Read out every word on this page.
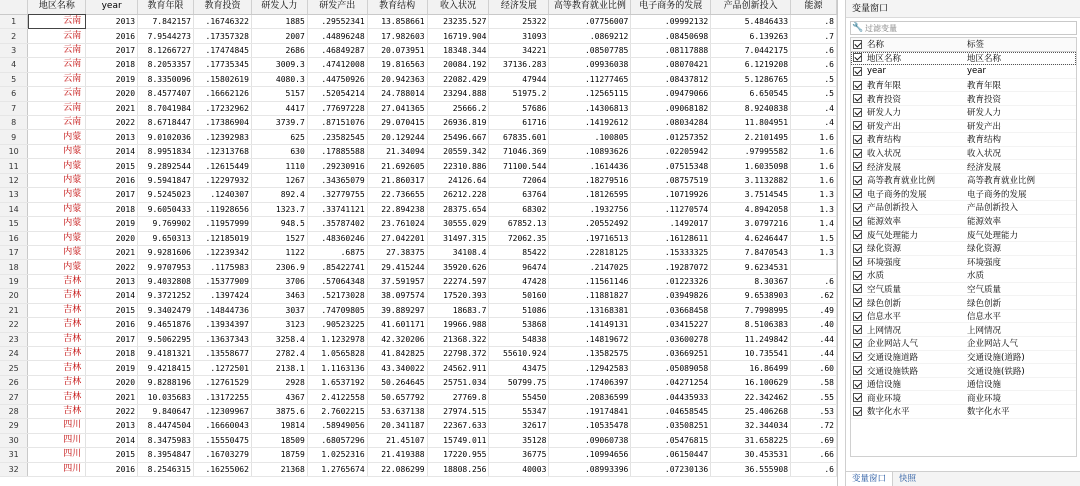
	地区名称	year	教育年限	教育投资	研发人力	研发产出	教育结构	收入状况	经济发展	高等教育就业比例	电子商务的发展	产品创新投入	能源
1	云南	2013	7.842157	.16746322	1885	.29552341	13.858661	23235.527	25322	.07756007	.09992132	5.4846433	.8
2	云南	2016	7.9544273	.17357328	2007	.44896248	17.982603	16719.904	31093	.0869212	.08450698	6.139263	.7
3	云南	2017	8.1266727	.17474845	2686	.46849287	20.073951	18348.344	34221	.08507785	.08117888	7.0442175	.6
4	云南	2018	8.2053357	.17735345	3009.3	.47412008	19.816563	20084.192	37136.283	.09936038	.08070421	6.1219208	.6
5	云南	2019	8.3350096	.15802619	4080.3	.44750926	20.942363	22082.429	47944	.11277465	.08437812	5.1286765	.5
6	云南	2020	8.4577407	.16662126	5157	.52054214	24.788014	23294.888	51975.2	.12565115	.09479066	6.650545	.5
7	云南	2021	8.7041984	.17232962	4417	.77697228	27.041365	25666.2	57686	.14306813	.09068182	8.9240838	.4
8	云南	2022	8.6718447	.17386904	3739.7	.87151076	29.070415	26936.819	61716	.14192612	.08034284	11.804951	.4
9	内蒙	2013	9.0102036	.12392983	625	.23582545	20.129244	25496.667	67835.601	.100805	.01257352	2.2101495	1.6
10	内蒙	2014	8.9951834	.12313768	630	.17885588	21.34094	20559.342	71046.369	.10893626	.02205942	.97995582	1.6
11	内蒙	2015	9.2892544	.12615449	1110	.29230916	21.692605	22310.886	71100.544	.1614436	.07515348	1.6035098	1.6
12	内蒙	2016	9.5941847	.12297932	1267	.34365079	21.860317	24126.64	72064	.18279516	.08757519	3.1132882	1.6
13	内蒙	2017	9.5245023	.1240307	892.4	.32779755	22.736655	26212.228	63764	.18126595	.10719926	3.7514545	1.3
14	内蒙	2018	9.6050433	.11928656	1323.7	.33741121	22.894238	28375.654	68302	.1932756	.11270574	4.8942058	1.3
15	内蒙	2019	9.769902	.11957999	948.5	.35787402	23.761024	30555.029	67852.13	.20552492	.1492017	3.0797216	1.4
16	内蒙	2020	9.650313	.12185019	1527	.48360246	27.042201	31497.315	72062.35	.19716513	.16128611	4.6246447	1.5
17	内蒙	2021	9.9281606	.12239342	1122	.6875	27.38375	34108.4	85422	.22818125	.15333325	7.8470543	1.3
18	内蒙	2022	9.9707953	.1175983	2306.9	.85422741	29.415244	35920.626	96474	.2147025	.19287072	9.6234531	
19	吉林	2013	9.4032808	.15377909	3706	.57064348	37.591957	22274.597	47428	.11561146	.01223326	8.30367	.6
20	吉林	2014	9.3721252	.1397424	3463	.52173028	38.097574	17520.393	50160	.11881827	.03949826	9.6538903	.62
21	吉林	2015	9.3402479	.14844736	3037	.74709805	39.889297	18683.7	51086	.13168381	.03668458	7.7998995	.49
22	吉林	2016	9.4651876	.13934397	3123	.90523225	41.601171	19966.988	53868	.14149131	.03415227	8.5106383	.40
23	吉林	2017	9.5062295	.13637343	3258.4	1.1232978	42.320206	21368.322	54838	.14819672	.03600278	11.249842	.44
24	吉林	2018	9.4181321	.13558677	2782.4	1.0565828	41.842825	22798.372	55610.924	.13582575	.03669251	10.735541	.44
25	吉林	2019	9.4218415	.1272501	2138.1	1.1163136	43.340022	24562.911	43475	.12942583	.05089058	16.86499	.60
26	吉林	2020	9.8288196	.12761529	2928	1.6537192	50.264645	25751.034	50799.75	.17406397	.04271254	16.100629	.58
27	吉林	2021	10.035683	.13172255	4367	2.4122558	50.657792	27769.8	55450	.20836599	.04435933	22.342462	.55
28	吉林	2022	9.840647	.12309967	3875.6	2.7602215	53.637138	27974.515	55347	.19174841	.04658545	25.406268	.53
29	四川	2013	8.4474504	.16660043	19814	.58949056	20.341187	22367.633	32617	.10535478	.03508251	32.344034	.72
30	四川	2014	8.3475983	.15550475	18509	.68057296	21.45107	15749.011	35128	.09060738	.05476815	31.658225	.69
31	四川	2015	8.3954847	.16703279	18759	1.0252316	21.419388	17220.955	36775	.10994656	.06150447	30.453531	.66
32	四川	2016	8.2546315	.16255062	21368	1.2765674	22.086299	18808.256	40003	.08993396	.07230136	36.555908	.6
变量窗口
🔧
过滤变量
名称	标签
地区名称	地区名称
year	year
教育年限	教育年限
教育投资	教育投资
研发人力	研发人力
研发产出	研发产出
教育结构	教育结构
收入状况	收入状况
经济发展	经济发展
高等教育就业比例	高等教育就业比例
电子商务的发展	电子商务的发展
产品创新投入	产品创新投入
能源效率	能源效率
废气处理能力	废气处理能力
绿化资源	绿化资源
环境强度	环境强度
水质	水质
空气质量	空气质量
绿色创新	绿色创新
信息水平	信息水平
上网情况	上网情况
企业网站人气	企业网站人气
交通设施道路	交通设施(道路)
交通设施铁路	交通设施(铁路)
通信设施	通信设施
商业环境	商业环境
数字化水平	数字化水平
变量窗口	快照
